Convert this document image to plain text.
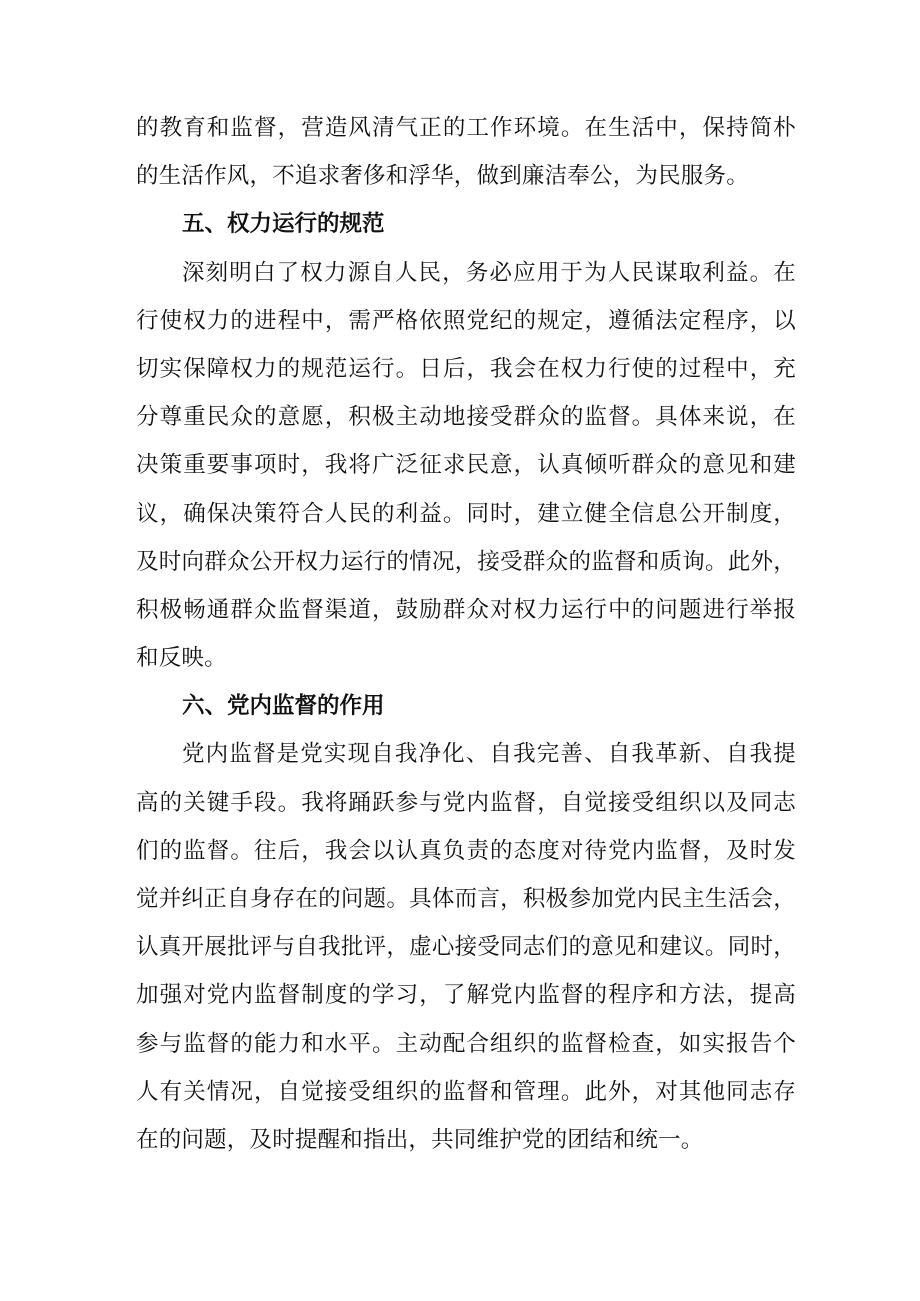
的教育和监督，营造风清气正的工作环境。在生活中，保持简朴
的生活作风，不追求奢侈和浮华，做到廉洁奉公，为民服务。
五、权力运行的规范
深刻明白了权力源自人民，务必应用于为人民谋取利益。在
行使权力的进程中，需严格依照党纪的规定，遵循法定程序，以
切实保障权力的规范运行。日后，我会在权力行使的过程中，充
分尊重民众的意愿，积极主动地接受群众的监督。具体来说，在
决策重要事项时，我将广泛征求民意，认真倾听群众的意见和建
议，确保决策符合人民的利益。同时，建立健全信息公开制度，
及时向群众公开权力运行的情况，接受群众的监督和质询。此外，
积极畅通群众监督渠道，鼓励群众对权力运行中的问题进行举报
和反映。
六、党内监督的作用
党内监督是党实现自我净化、自我完善、自我革新、自我提
高的关键手段。我将踊跃参与党内监督，自觉接受组织以及同志
们的监督。往后，我会以认真负责的态度对待党内监督，及时发
觉并纠正自身存在的问题。具体而言，积极参加党内民主生活会，
认真开展批评与自我批评，虚心接受同志们的意见和建议。同时，
加强对党内监督制度的学习，了解党内监督的程序和方法，提高
参与监督的能力和水平。主动配合组织的监督检查，如实报告个
人有关情况，自觉接受组织的监督和管理。此外，对其他同志存
在的问题，及时提醒和指出，共同维护党的团结和统一。
